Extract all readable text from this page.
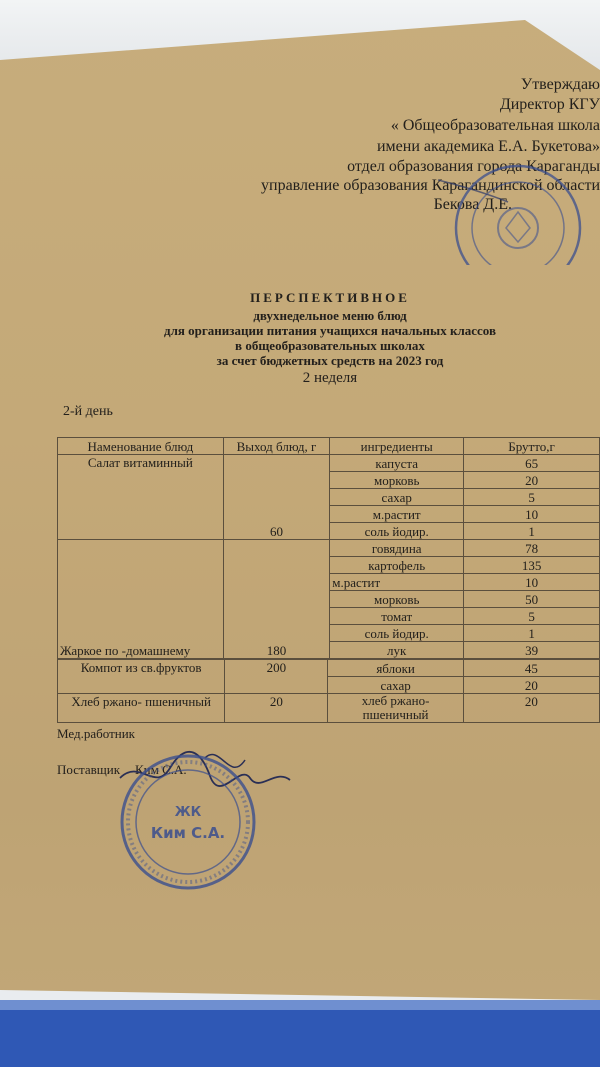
Утверждаю
Директор КГУ
« Общеобразовательная школа
имени академика Е.А. Букетова»
отдел образования города Караганды
управление образования Карагандинской области
Бекова Д.Е.
ПЕРСПЕКТИВНОЕ
двухнедельное меню блюд
для организации питания учащихся начальных классов
в общеобразовательных школах
за счет бюджетных средств на 2023 год
2 неделя
2-й день
Наменование блюд	Выход блюд, г	ингредиенты	Брутто,г
Салат витаминный	60	капуста	65
		морковь	20
		сахар	5
		м.растит	10
		соль йодир.	1
Жаркое по -домашнему	180	говядина	78
		картофель	135
		м.растит	10
		морковь	50
		томат	5
		соль йодир.	1
		лук	39
Компот из св.фруктов	200	яблоки	45
		сахар	20
Хлеб ржано- пшеничный	20	хлеб ржано-пшеничный	20
Мед.работник
Поставщик Ким С.А.
ЖК
Ким С.А.
